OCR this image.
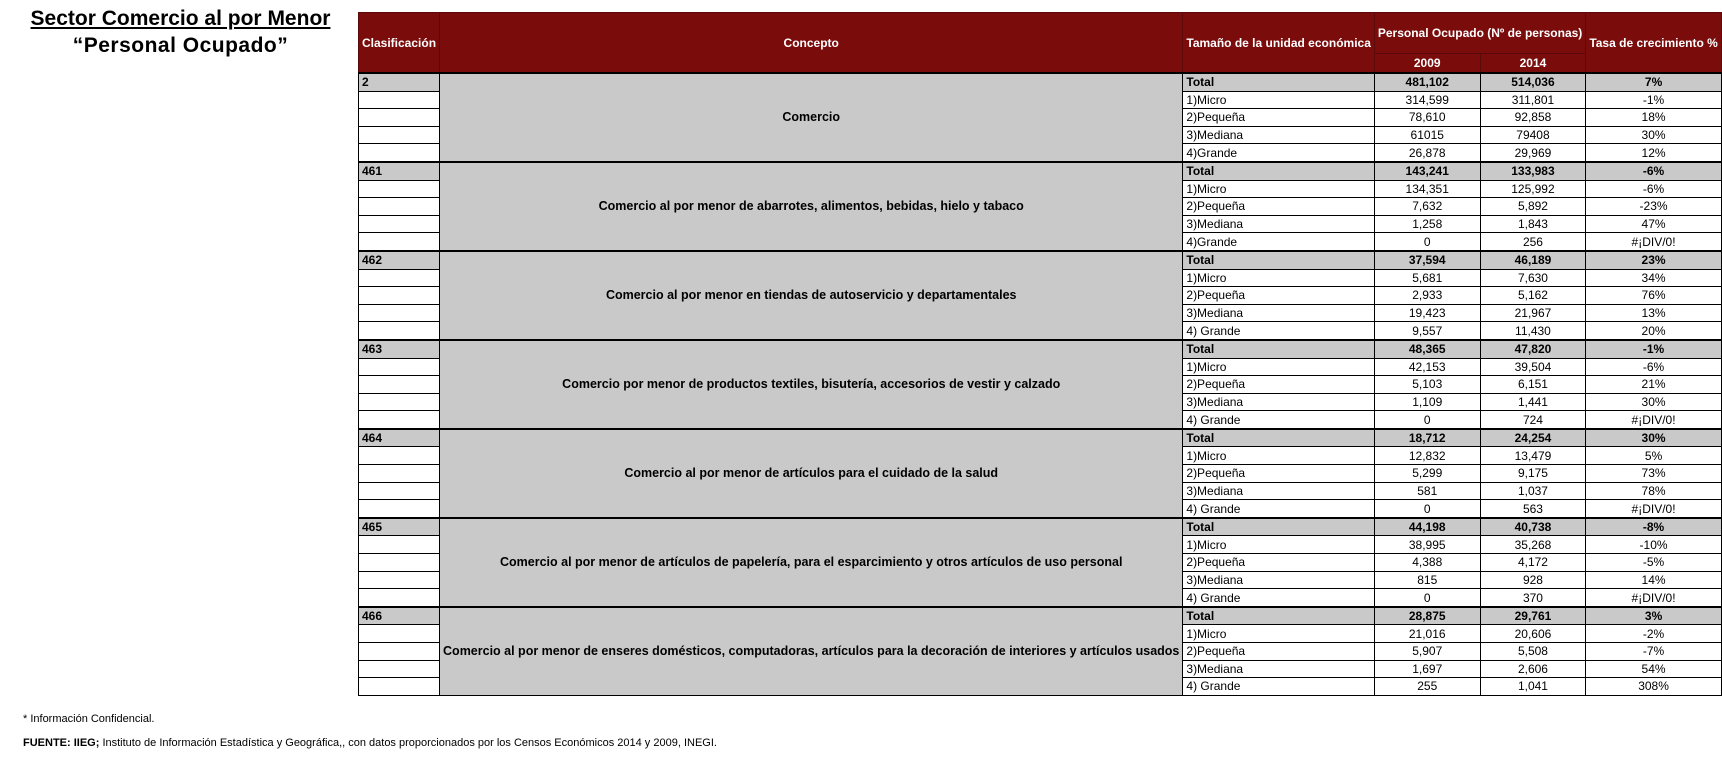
Sector Comercio al por Menor
“Personal Ocupado”	Clasificación	Concepto	Tamaño de la unidad económica	Personal Ocupado (Nº de personas)		Tasa de crecimiento %
			2009	2014	
2	Comercio	Total	481,102	514,036	7%
		1)Micro	314,599	311,801	-1%
		2)Pequeña	78,610	92,858	18%
		3)Mediana	61015	79408	30%
		4)Grande	26,878	29,969	12%
461	Comercio al por menor de abarrotes, alimentos, bebidas, hielo y tabaco	Total	143,241	133,983	-6%
		1)Micro	134,351	125,992	-6%
		2)Pequeña	7,632	5,892	-23%
		3)Mediana	1,258	1,843	47%
		4)Grande	0	256	#¡DIV/0!
462	Comercio al por menor en tiendas de autoservicio y departamentales	Total	37,594	46,189	23%
		1)Micro	5,681	7,630	34%
		2)Pequeña	2,933	5,162	76%
		3)Mediana	19,423	21,967	13%
		4) Grande	9,557	11,430	20%
463	Comercio por menor de productos textiles, bisutería, accesorios de vestir y calzado	Total	48,365	47,820	-1%
		1)Micro	42,153	39,504	-6%
		2)Pequeña	5,103	6,151	21%
		3)Mediana	1,109	1,441	30%
		4) Grande	0	724	#¡DIV/0!
464	Comercio al por menor de artículos para el cuidado de la salud	Total	18,712	24,254	30%
		1)Micro	12,832	13,479	5%
		2)Pequeña	5,299	9,175	73%
		3)Mediana	581	1,037	78%
		4) Grande	0	563	#¡DIV/0!
465	Comercio al por menor de artículos de papelería, para el esparcimiento y otros artículos de uso personal	Total	44,198	40,738	-8%
		1)Micro	38,995	35,268	-10%
		2)Pequeña	4,388	4,172	-5%
		3)Mediana	815	928	14%
		4) Grande	0	370	#¡DIV/0!
466	Comercio al por menor de enseres domésticos, computadoras, artículos para la decoración de interiores y artículos usados	Total	28,875	29,761	3%
		1)Micro	21,016	20,606	-2%
		2)Pequeña	5,907	5,508	-7%
		3)Mediana	1,697	2,606	54%
		4) Grande	255	1,041	308%
* Información Confidencial.
FUENTE: IIEG; Instituto de Información Estadística y Geográfica,, con datos proporcionados por los Censos Económicos 2014 y 2009, INEGI.
